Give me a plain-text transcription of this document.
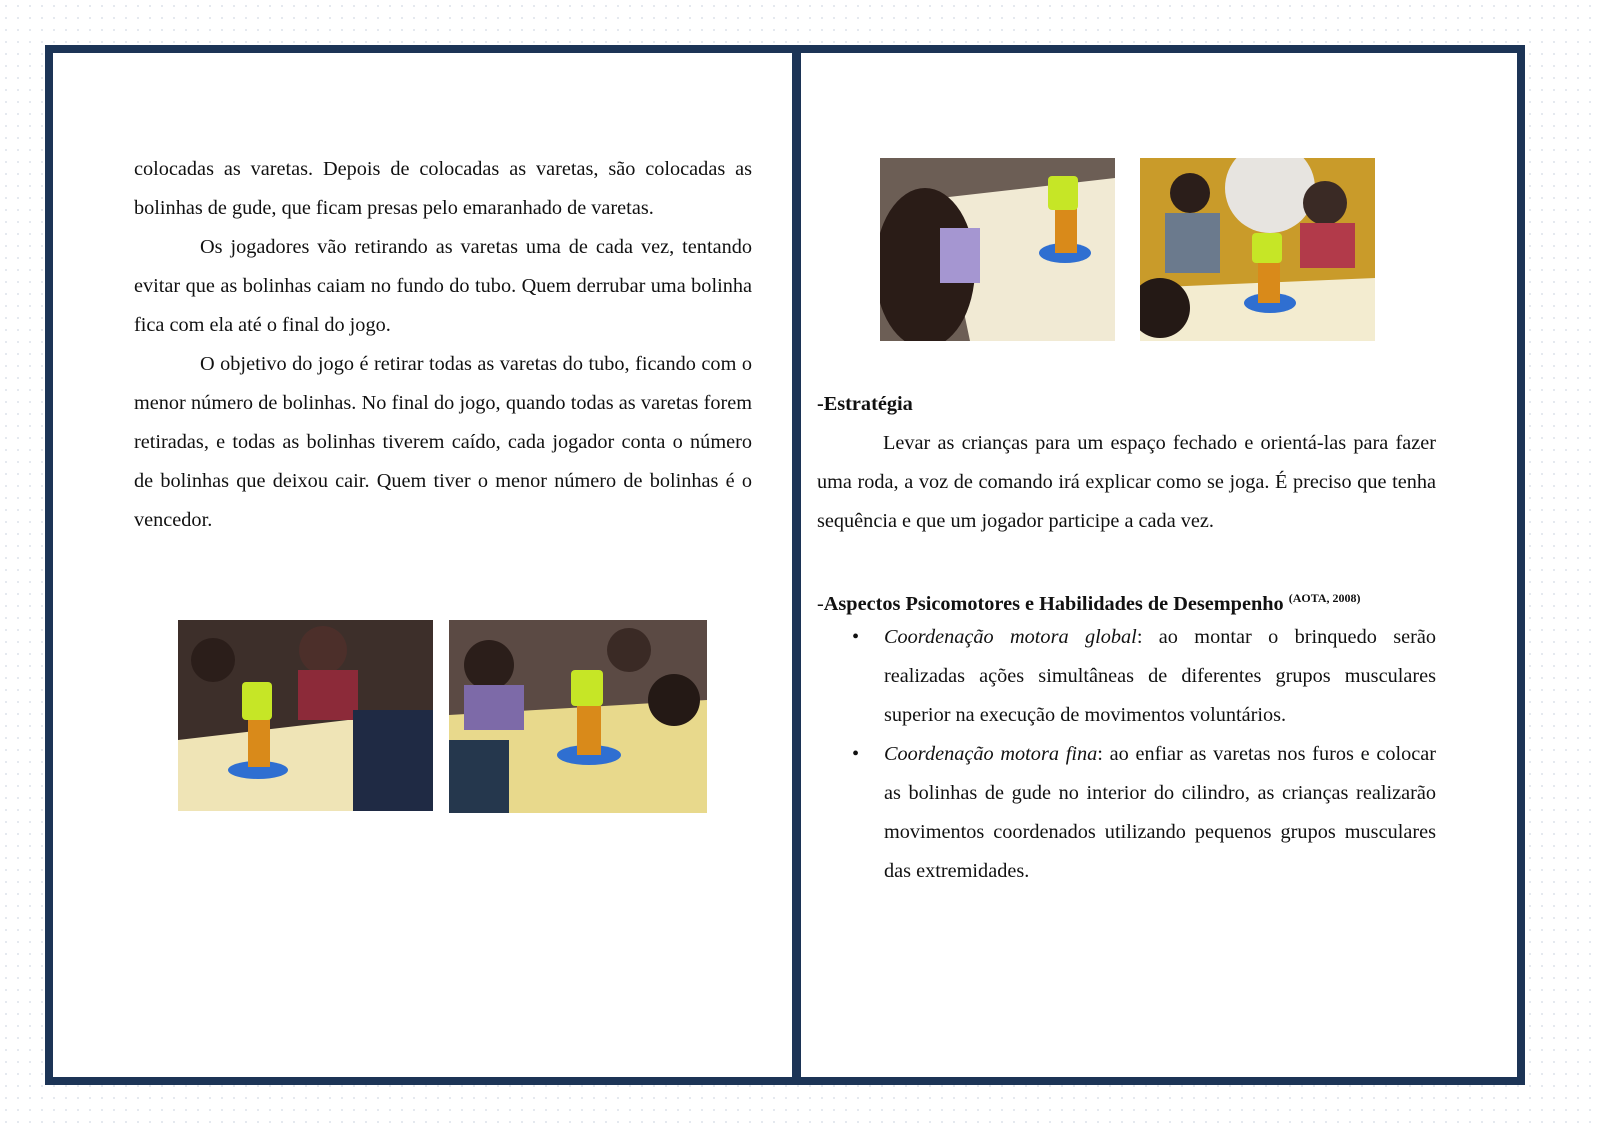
colocadas as varetas. Depois de colocadas as varetas, são colocadas as bolinhas de gude, que ficam presas pelo emaranhado de varetas.

Os jogadores vão retirando as varetas uma de cada vez, tentando evitar que as bolinhas caiam no fundo do tubo. Quem derrubar uma bolinha fica com ela até o final do jogo.

O objetivo do jogo é retirar todas as varetas do tubo, ficando com o menor número de bolinhas. No final do jogo, quando todas as varetas forem retiradas, e todas as bolinhas tiverem caído, cada jogador conta o número de bolinhas que deixou cair. Quem tiver o menor número de bolinhas é o vencedor.

-Estratégia

Levar as crianças para um espaço fechado e orientá-las para fazer uma roda, a voz de comando irá explicar como se joga. É preciso que tenha sequência e que um jogador participe a cada vez.

-Aspectos Psicomotores e Habilidades de Desempenho $^{(AOTA, 2008)}$
• Coordenação motora global: ao montar o brinquedo serão realizadas ações simultâneas de diferentes grupos musculares superior na execução de movimentos voluntários.
• Coordenação motora fina: ao enfiar as varetas nos furos e colocar as bolinhas de gude no interior do cilindro, as crianças realizarão movimentos coordenados utilizando pequenos grupos musculares das extremidades.
